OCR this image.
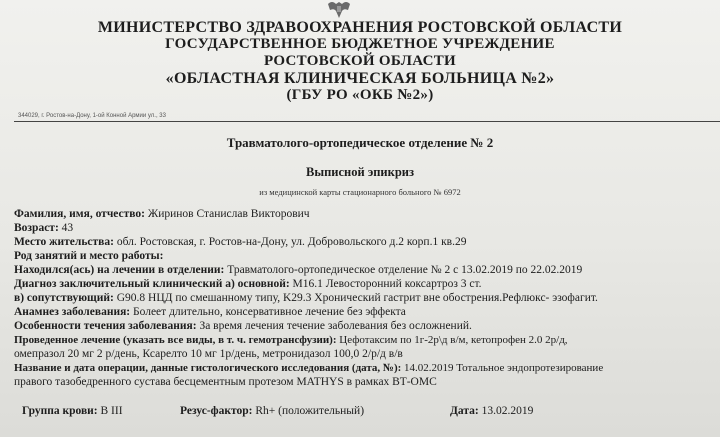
МИНИСТЕРСТВО ЗДРАВООХРАНЕНИЯ РОСТОВСКОЙ ОБЛАСТИ
ГОСУДАРСТВЕННОЕ БЮДЖЕТНОЕ УЧРЕЖДЕНИЕ
РОСТОВСКОЙ ОБЛАСТИ
«ОБЛАСТНАЯ КЛИНИЧЕСКАЯ БОЛЬНИЦА №2»
(ГБУ РО «ОКБ №2»)
344029, г. Ростов-на-Дону, 1-ой Конной Армии ул., 33
Травматолого-ортопедическое отделение № 2
Выписной эпикриз
из медицинской карты стационарного больного № 6972
Фамилия, имя, отчество: Жиринов Станислав Викторович
Возраст: 43
Место жительства: обл. Ростовская, г. Ростов-на-Дону, ул. Добровольского д.2 корп.1 кв.29
Род занятий и место работы:
Находился(ась) на лечении в отделении: Травматолого-ортопедическое отделение № 2 с 13.02.2019 по 22.02.2019
Диагноз заключительный клинический а) основной: М16.1 Левосторонний коксартроз 3 ст.
в) сопутствующий: G90.8 НЦД по смешанному типу, K29.3 Хронический гастрит вне обострения.Рефлюкс- эзофагит.
Анамнез заболевания: Болеет длительно, консервативное лечение без эффекта
Особенности течения заболевания: За время лечения течение заболевания без осложнений.
Проведенное лечение (указать все виды, в т. ч. гемотрансфузии): Цефотаксим по 1г-2р\д в/м, кетопрофен 2.0 2р/д,
омепразол 20 мг 2 р/день, Ксарелто 10 мг 1р/день, метронидазол 100,0 2/р/д в/в
Название и дата операции, данные гистологического исследования (дата, №): 14.02.2019 Тотальное эндопротезирование
правого тазобедренного сустава бесцементным протезом MATHYS в рамках ВТ-ОМС
Группа крови: В III	Резус-фактор: Rh+ (положительный)	Дата: 13.02.2019
